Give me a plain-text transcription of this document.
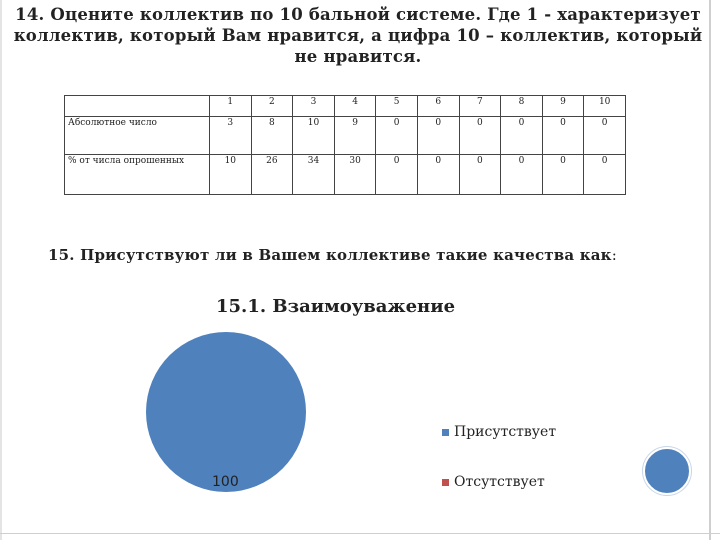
14. Оцените коллектив по 10 бальной системе. Где 1 - характеризует
коллектив, который Вам нравится, а цифра 10 – коллектив, который
не нравится.
	1	2	3	4	5	6	7	8	9	10
Абсолютное число	3	8	10	9	0	0	0	0	0	0
% от числа опрошенных	10	26	34	30	0	0	0	0	0	0
15. Присутствуют ли в Вашем коллективе такие качества как:
15.1. Взаимоуважение
100
Присутствует
Отсутствует
